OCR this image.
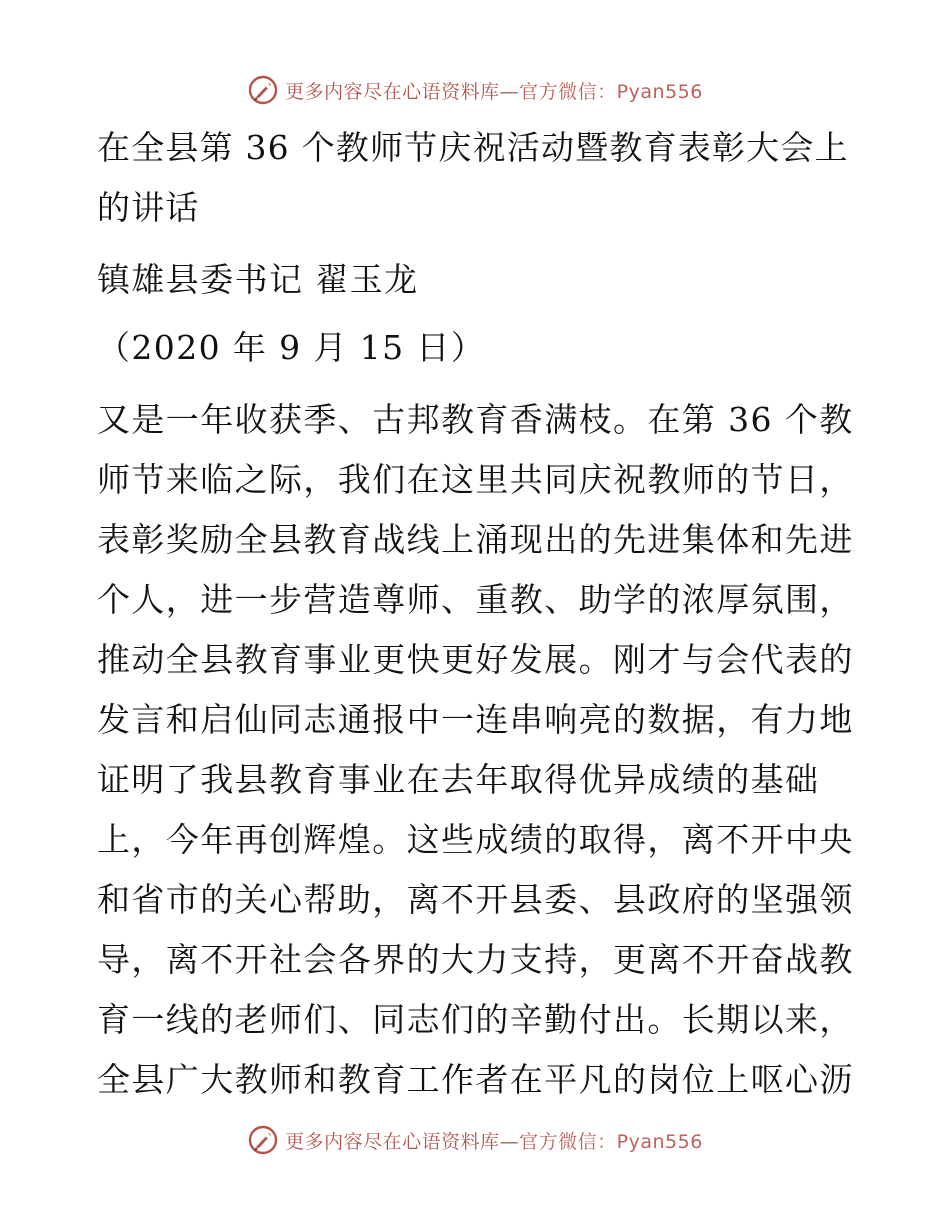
更多内容尽在心语资料库—官方微信：Pyan556
在全县第 36 个教师节庆祝活动暨教育表彰大会上
的讲话
镇雄县委书记 翟玉龙
（2020 年 9 月 15 日）
又是一年收获季、古邦教育香满枝。在第 36 个教
师节来临之际，我们在这里共同庆祝教师的节日，
表彰奖励全县教育战线上涌现出的先进集体和先进
个人，进一步营造尊师、重教、助学的浓厚氛围，
推动全县教育事业更快更好发展。刚才与会代表的
发言和启仙同志通报中一连串响亮的数据，有力地
证明了我县教育事业在去年取得优异成绩的基础
上，今年再创辉煌。这些成绩的取得，离不开中央
和省市的关心帮助，离不开县委、县政府的坚强领
导，离不开社会各界的大力支持，更离不开奋战教
育一线的老师们、同志们的辛勤付出。长期以来，
全县广大教师和教育工作者在平凡的岗位上呕心沥
更多内容尽在心语资料库—官方微信：Pyan556
